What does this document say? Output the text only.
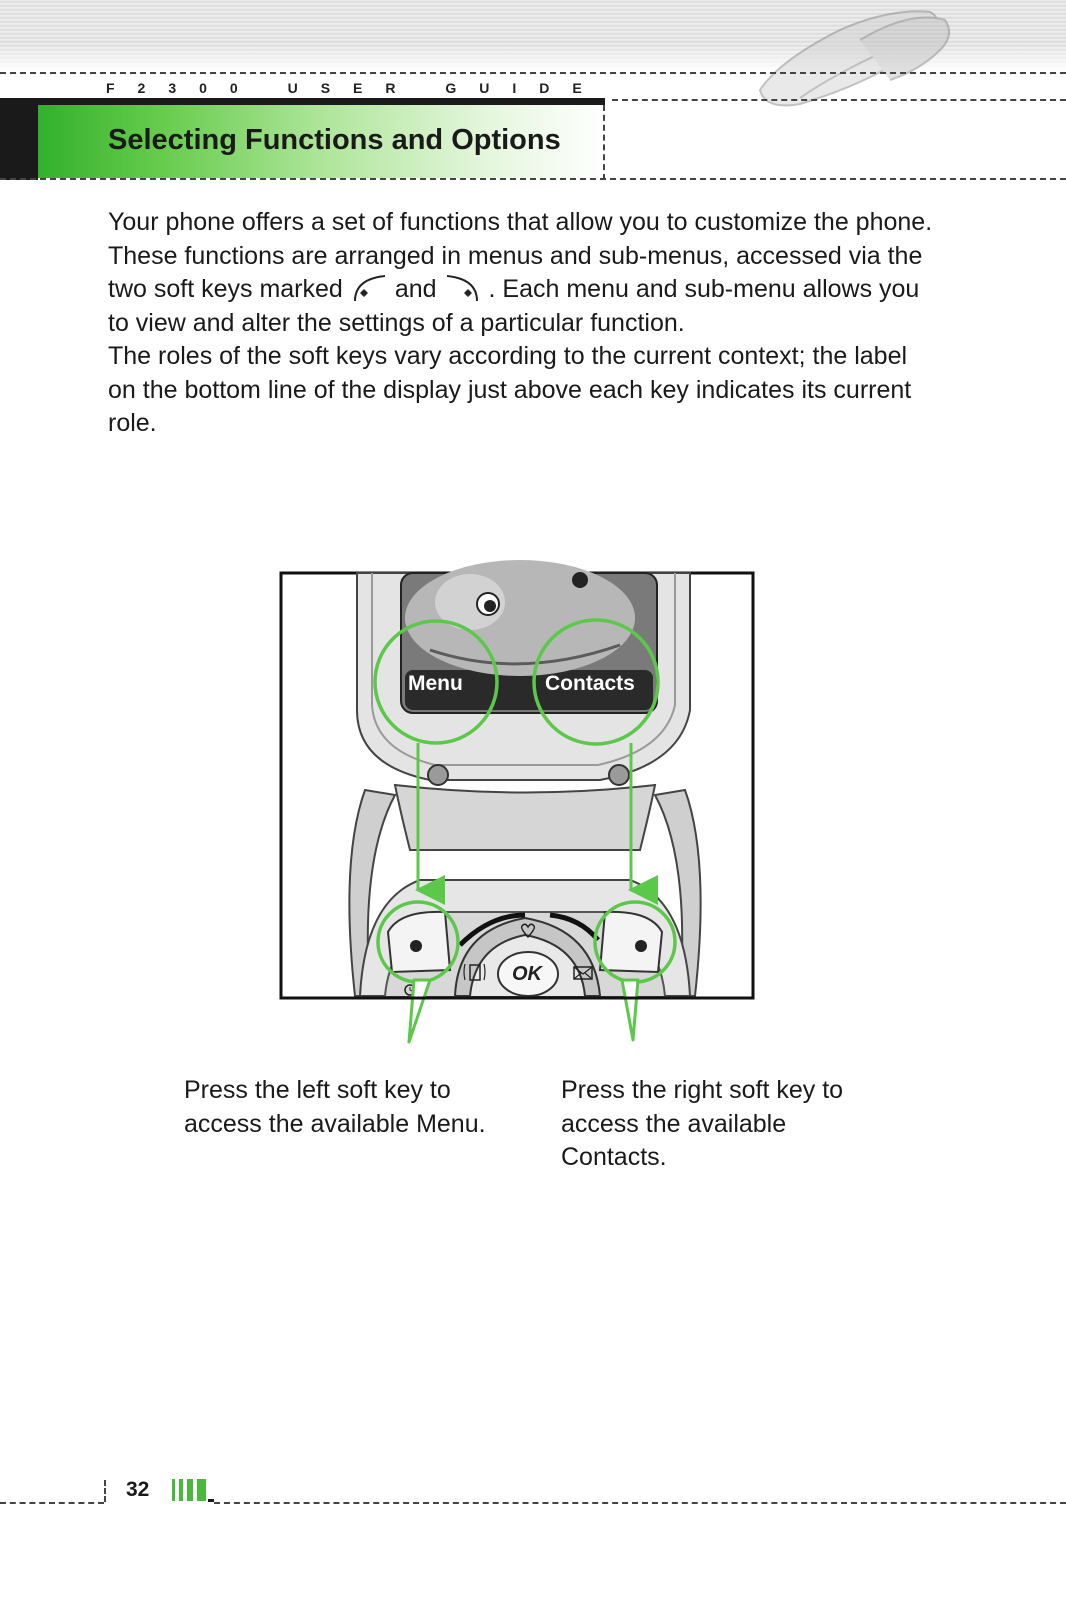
F2300 USER GUIDE
Selecting Functions and Options

Your phone offers a set of functions that allow you to customize the phone. These functions are arranged in menus and sub-menus, accessed via the two soft keys marked and . Each menu and sub-menu allows you to view and alter the settings of a particular function.

The roles of the soft keys vary according to the current context; the label on the bottom line of the display just above each key indicates its current role.

Menu	Contacts
OK
Press the left soft key to access the available Menu.
Press the right soft key to access the available Contacts.
32
